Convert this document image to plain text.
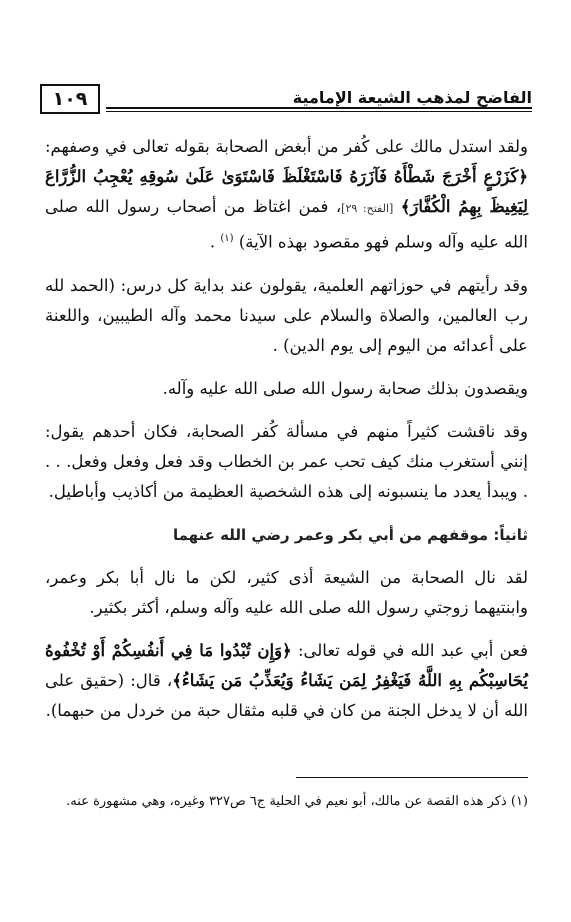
١٠٩	الفاضح لمذهب الشيعة الإمامية

ولقد استدل مالك على كُفر من أبغض الصحابة بقوله تعالى في وصفهم: ﴿كَزَرْعٍ أَخْرَجَ شَطْأَهُ فَآزَرَهُ فَاسْتَغْلَظَ فَاسْتَوَىٰ عَلَىٰ سُوقِهِ يُعْجِبُ الزُّرَّاعَ لِيَغِيظَ بِهِمُ الْكُفَّارَ﴾ [الفتح: ٢٩]، فمن اغتاظ من أصحاب رسول الله صلى الله عليه وآله وسلم فهو مقصود بهذه الآية) $^{(١)}$ .

وقد رأيتهم في حوزاتهم العلمية، يقولون عند بداية كل درس: (الحمد لله رب العالمين، والصلاة والسلام على سيدنا محمد وآله الطيبين، واللعنة على أعدائه من اليوم إلى يوم الدين) .

ويقصدون بذلك صحابة رسول الله صلى الله عليه وآله.

وقد ناقشت كثيراً منهم في مسألة كُفر الصحابة، فكان أحدهم يقول: إنني أستغرب منك كيف تحب عمر بن الخطاب وقد فعل وفعل وفعل. . . . ويبدأ يعدد ما ينسبونه إلى هذه الشخصية العظيمة من أكاذيب وأباطيل.

ثانياً: موقفهم من أبي بكر وعمر رضي الله عنهما

لقد نال الصحابة من الشيعة أذى كثير، لكن ما نال أبا بكر وعمر، وابنتيهما زوجتي رسول الله صلى الله عليه وآله وسلم، أكثر بكثير.

فعن أبي عبد الله في قوله تعالى: ﴿وَإِن تُبْدُوا مَا فِي أَنفُسِكُمْ أَوْ تُخْفُوهُ يُحَاسِبْكُم بِهِ اللَّهُ فَيَغْفِرُ لِمَن يَشَاءُ وَيُعَذِّبُ مَن يَشَاءُ﴾، قال: (حقيق على الله أن لا يدخل الجنة من كان في قلبه مثقال حبة من خردل من حبهما).

(١) ذكر هذه القصة عن مالك، أبو نعيم في الحلية ج٦ ص٣٢٧ وغيره، وهي مشهورة عنه.
